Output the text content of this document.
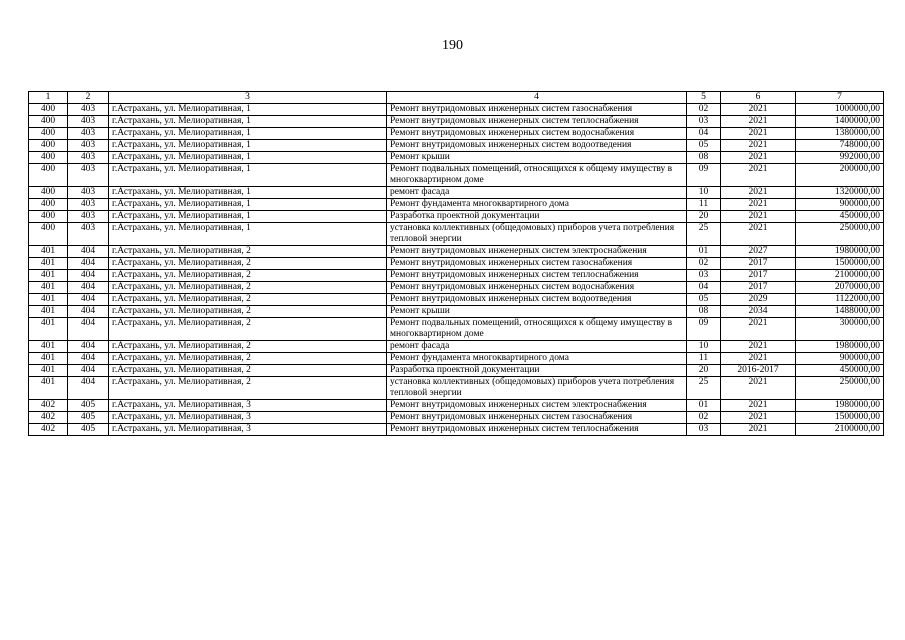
190
1	2	3	4	5	6	7
400	403	г.Астрахань, ул. Мелиоративная, 1	Ремонт внутридомовых инженерных систем газоснабжения	02	2021	1000000,00
400	403	г.Астрахань, ул. Мелиоративная, 1	Ремонт внутридомовых инженерных систем теплоснабжения	03	2021	1400000,00
400	403	г.Астрахань, ул. Мелиоративная, 1	Ремонт внутридомовых инженерных систем водоснабжения	04	2021	1380000,00
400	403	г.Астрахань, ул. Мелиоративная, 1	Ремонт внутридомовых инженерных систем водоотведения	05	2021	748000,00
400	403	г.Астрахань, ул. Мелиоративная, 1	Ремонт крыши	08	2021	992000,00
400	403	г.Астрахань, ул. Мелиоративная, 1	Ремонт подвальных помещений, относящихся к общему имуществу в многоквартирном доме	09	2021	200000,00
400	403	г.Астрахань, ул. Мелиоративная, 1	ремонт фасада	10	2021	1320000,00
400	403	г.Астрахань, ул. Мелиоративная, 1	Ремонт фундамента многоквартирного дома	11	2021	900000,00
400	403	г.Астрахань, ул. Мелиоративная, 1	Разработка проектной документации	20	2021	450000,00
400	403	г.Астрахань, ул. Мелиоративная, 1	установка коллективных (общедомовых) приборов учета потребления тепловой энергии	25	2021	250000,00
401	404	г.Астрахань, ул. Мелиоративная, 2	Ремонт внутридомовых инженерных систем электроснабжения	01	2027	1980000,00
401	404	г.Астрахань, ул. Мелиоративная, 2	Ремонт внутридомовых инженерных систем газоснабжения	02	2017	1500000,00
401	404	г.Астрахань, ул. Мелиоративная, 2	Ремонт внутридомовых инженерных систем теплоснабжения	03	2017	2100000,00
401	404	г.Астрахань, ул. Мелиоративная, 2	Ремонт внутридомовых инженерных систем водоснабжения	04	2017	2070000,00
401	404	г.Астрахань, ул. Мелиоративная, 2	Ремонт внутридомовых инженерных систем водоотведения	05	2029	1122000,00
401	404	г.Астрахань, ул. Мелиоративная, 2	Ремонт крыши	08	2034	1488000,00
401	404	г.Астрахань, ул. Мелиоративная, 2	Ремонт подвальных помещений, относящихся к общему имуществу в многоквартирном доме	09	2021	300000,00
401	404	г.Астрахань, ул. Мелиоративная, 2	ремонт фасада	10	2021	1980000,00
401	404	г.Астрахань, ул. Мелиоративная, 2	Ремонт фундамента многоквартирного дома	11	2021	900000,00
401	404	г.Астрахань, ул. Мелиоративная, 2	Разработка проектной документации	20	2016-2017	450000,00
401	404	г.Астрахань, ул. Мелиоративная, 2	установка коллективных (общедомовых) приборов учета потребления тепловой энергии	25	2021	250000,00
402	405	г.Астрахань, ул. Мелиоративная, 3	Ремонт внутридомовых инженерных систем электроснабжения	01	2021	1980000,00
402	405	г.Астрахань, ул. Мелиоративная, 3	Ремонт внутридомовых инженерных систем газоснабжения	02	2021	1500000,00
402	405	г.Астрахань, ул. Мелиоративная, 3	Ремонт внутридомовых инженерных систем теплоснабжения	03	2021	2100000,00
